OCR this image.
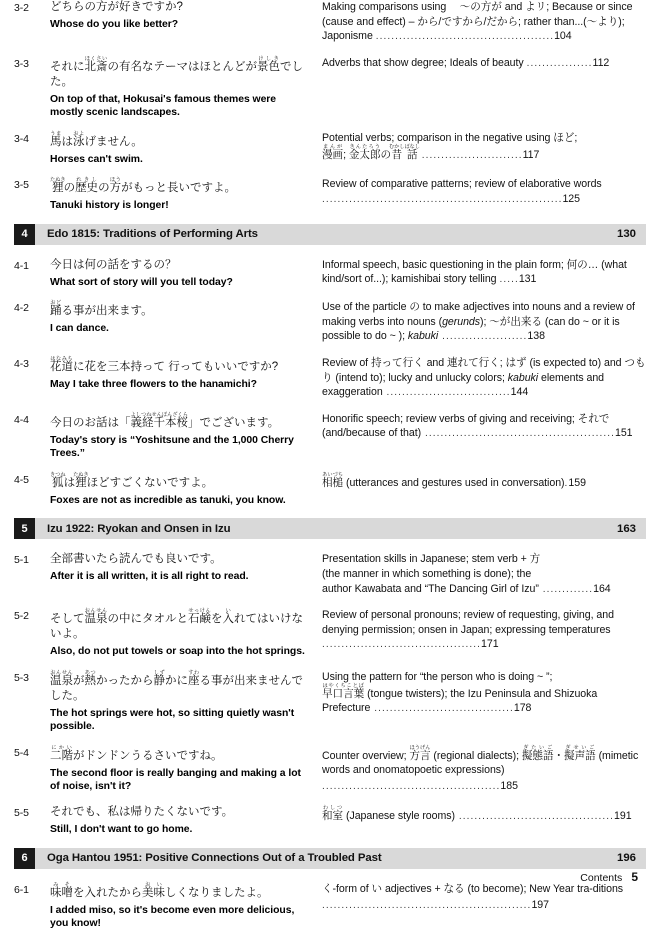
3-2	どちらの方が好きですか?
Whose do you like better?
Making comparisons using 　〜の方が and よリ; Because or since (cause and effect) – から/ですから/だから; rather than...(〜より); Japonisme ..............................................104
3-3	それに北斎ほくさいの有名なテーマはほとんどが景色けしきでした。
On top of that, Hokusai's famous themes were mostly scenic landscapes.
Adverbs that show degree; Ideals of beauty .................112
3-4	馬うまは泳およげません。
Horses can't swim.
Potential verbs; comparison in the negative using ほど;
漫画まんが; 金太郎きんたろうの昔話むかしばなし ..........................117
3-5	狸たぬきの歴史れきしの方ほうがもっと長いですよ。
Tanuki history is longer!
Review of comparative patterns; review of elaborative words ..............................................................125
4	Edo 1815: Traditions of Performing Arts	130
4-1	今日は何の話をするの？
What sort of story will you tell today?
Informal speech, basic questioning in the plain form; 何の… (what kind/sort of...); kamishibai story telling .....131
4-2	踊おどる事が出来ます。
I can dance.
Use of the particle の to make adjectives into nouns and a review of making verbs into nouns (gerunds); 〜が出来る (can do ~ or it is possible to do ~ ); kabuki ......................138
4-3	花道はなみちに花を三本持って 行ってもいいですか?
May I take three flowers to the hanamichi?
Review of 持って行く and 連れて行く; はず (is expected to) and つもり (intend to); lucky and unlucky colors; kabuki elements and exaggeration ................................144
4-4	今日のお話は「義経千本桜よしつねせんぼんざくら」でございます。
Today's story is “Yoshitsune and the 1,000 Cherry Trees.”
Honorific speech; review verbs of giving and receiving; それで (and/because of that) .................................................151
4-5	狐きつねは狸たぬきほどすごくないですよ。
Foxes are not as incredible as tanuki, you know.
相槌あいづち (utterances and gestures used in conversation).159
5	Izu 1922: Ryokan and Onsen in Izu	163
5-1	全部書いたら読んでも良いです。
After it is all written, it is all right to read.
Presentation skills in Japanese; stem verb + 方
(the manner in which something is done); the
author Kawabata and “The Dancing Girl of Izu” .............164
5-2	そして温泉おんせんの中にタオルと石鹸せっけんを入いれてはいけないよ。
Also, do not put towels or soap into the hot springs.
Review of personal pronouns; review of requesting, giving, and denying permission; onsen in Japan; expressing temperatures .........................................171
5-3	温泉おんせんが熱あつかったから静しずかに座すわる事が出来ませんでした。
The hot springs were hot, so sitting quietly wasn't possible.
Using the pattern for “the person who is doing ~ ”;
早口言葉はやくちことば (tongue twisters); the Izu Peninsula and Shizuoka Prefecture ....................................178
5-4	二階にかいがドンドンうるさいですね。
The second floor is really banging and making a lot of noise, isn't it?
Counter overview; 方言ほうげん (regional dialects); 擬態語ぎたいご・擬声語ぎせいご (mimetic words and onomatopoetic expressions) ..............................................185
5-5	それでも、私は帰りたくないです。
Still, I don't want to go home.
和室わしつ (Japanese style rooms) ........................................191
6	Oga Hantou 1951: Positive Connections Out of a Troubled Past	196
6-1	味噌みそを入れたから美味おいしくなりましたよ。
I added miso, so it's become even more delicious, you know!
く-form of い adjectives + なる (to become); New Year tra-ditions ......................................................197
Contents 5
